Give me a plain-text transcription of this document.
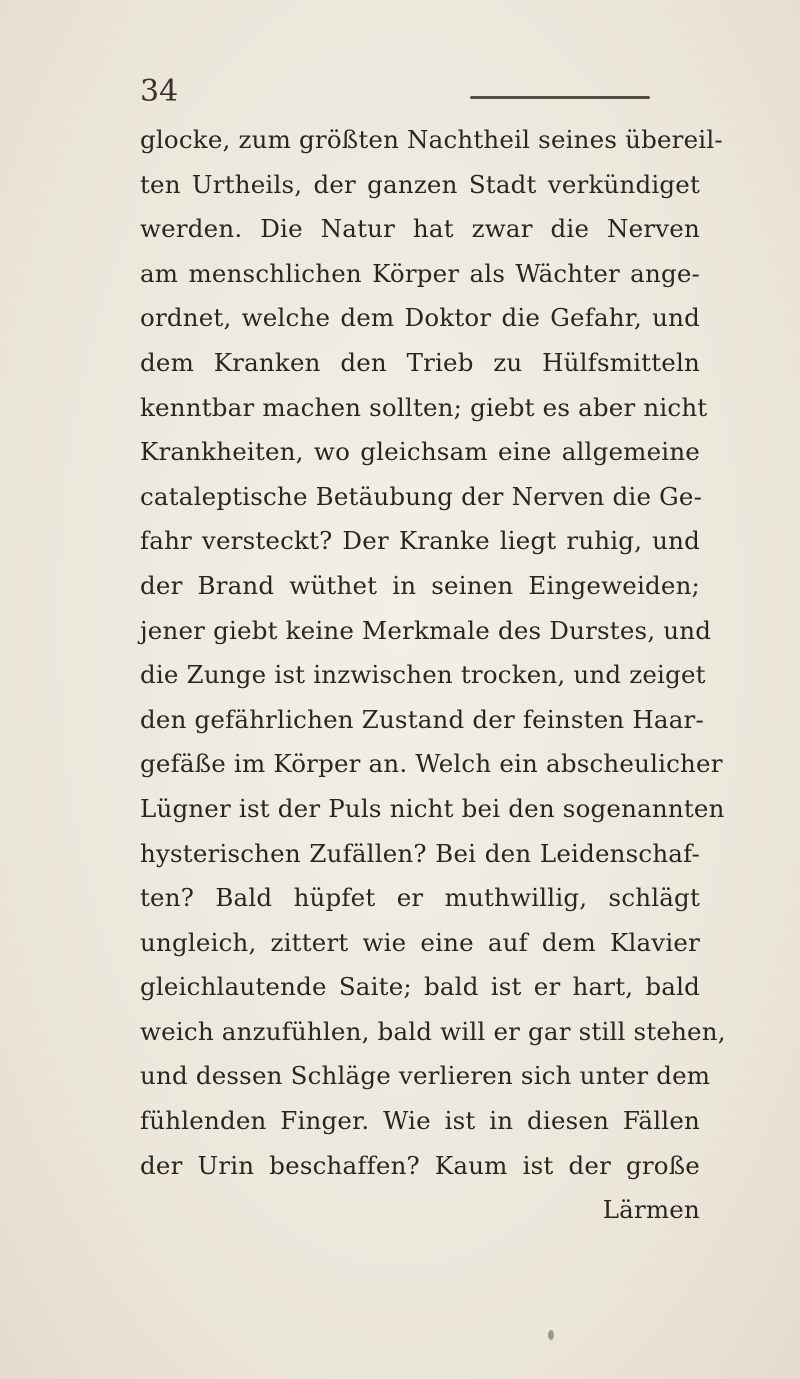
34
glocke, zum größten Nachtheil seines übereil-
ten Urtheils, der ganzen Stadt verkündiget
werden. Die Natur hat zwar die Nerven
am menschlichen Körper als Wächter ange-
ordnet, welche dem Doktor die Gefahr, und
dem Kranken den Trieb zu Hülfsmitteln
kenntbar machen sollten; giebt es aber nicht
Krankheiten, wo gleichsam eine allgemeine
cataleptische Betäubung der Nerven die Ge-
fahr versteckt? Der Kranke liegt ruhig, und
der Brand wüthet in seinen Eingeweiden;
jener giebt keine Merkmale des Durstes, und
die Zunge ist inzwischen trocken, und zeiget
den gefährlichen Zustand der feinsten Haar-
gefäße im Körper an. Welch ein abscheulicher
Lügner ist der Puls nicht bei den sogenannten
hysterischen Zufällen? Bei den Leidenschaf-
ten? Bald hüpfet er muthwillig, schlägt
ungleich, zittert wie eine auf dem Klavier
gleichlautende Saite; bald ist er hart, bald
weich anzufühlen, bald will er gar still stehen,
und dessen Schläge verlieren sich unter dem
fühlenden Finger. Wie ist in diesen Fällen
der Urin beschaffen? Kaum ist der große
Lärmen
